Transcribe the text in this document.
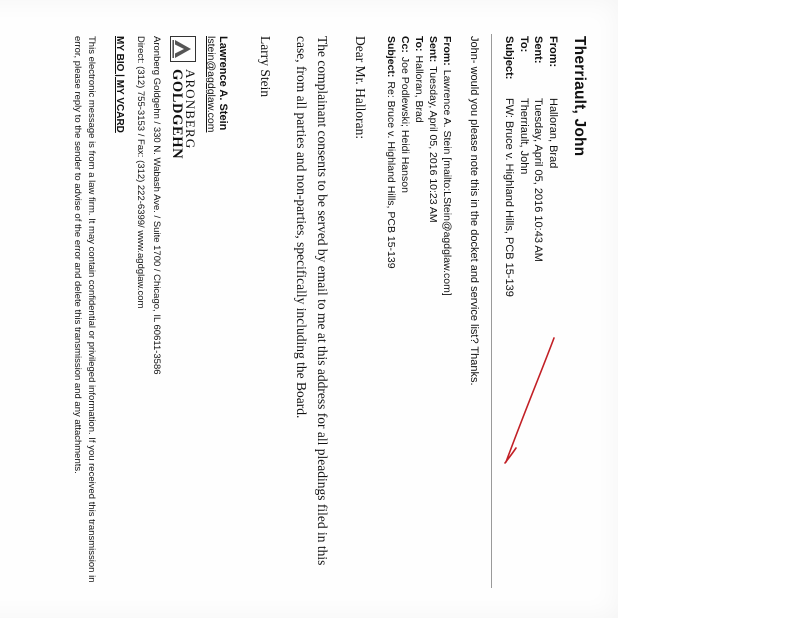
Therriault, John
From:
Halloran, Brad
Sent:
Tuesday, April 05, 2016 10:43 AM
To:
Therriault, John
Subject:
FW: Bruce v. Highland Hills, PCB 15-139
John- would you please note this in the docket and service list? Thanks.
From:
Lawrence A. Stein [mailto:LStein@agdglaw.com]
Sent:
Tuesday, April 05, 2016 10:23 AM
To:
Halloran, Brad
Cc:
Joe Podlewski; Heidi Hanson
Subject:
Re: Bruce v. Highland Hills, PCB 15-139

Dear Mr. Halloran:

The complainant consents to be served by email to me at this address for all pleadings filed in this case, from all parties and non-parties, specifically including the Board.

Larry Stein

Lawrence A. Stein
lstein@agdglaw.com
ARONBERG
GOLDGEHN
Aronberg Goldgehn / 330 N. Wabash Ave. / Suite 1700 / Chicago, IL 60611-3586
Direct: (312) 755-3153 / Fax: (312) 222-6399/ www.agdglaw.com
MY BIO | MY VCARD
This electronic message is from a law firm. It may contain confidential or privileged information. If you received this transmission in error, please reply to the sender to advise of the error and delete this transmission and any attachments.
